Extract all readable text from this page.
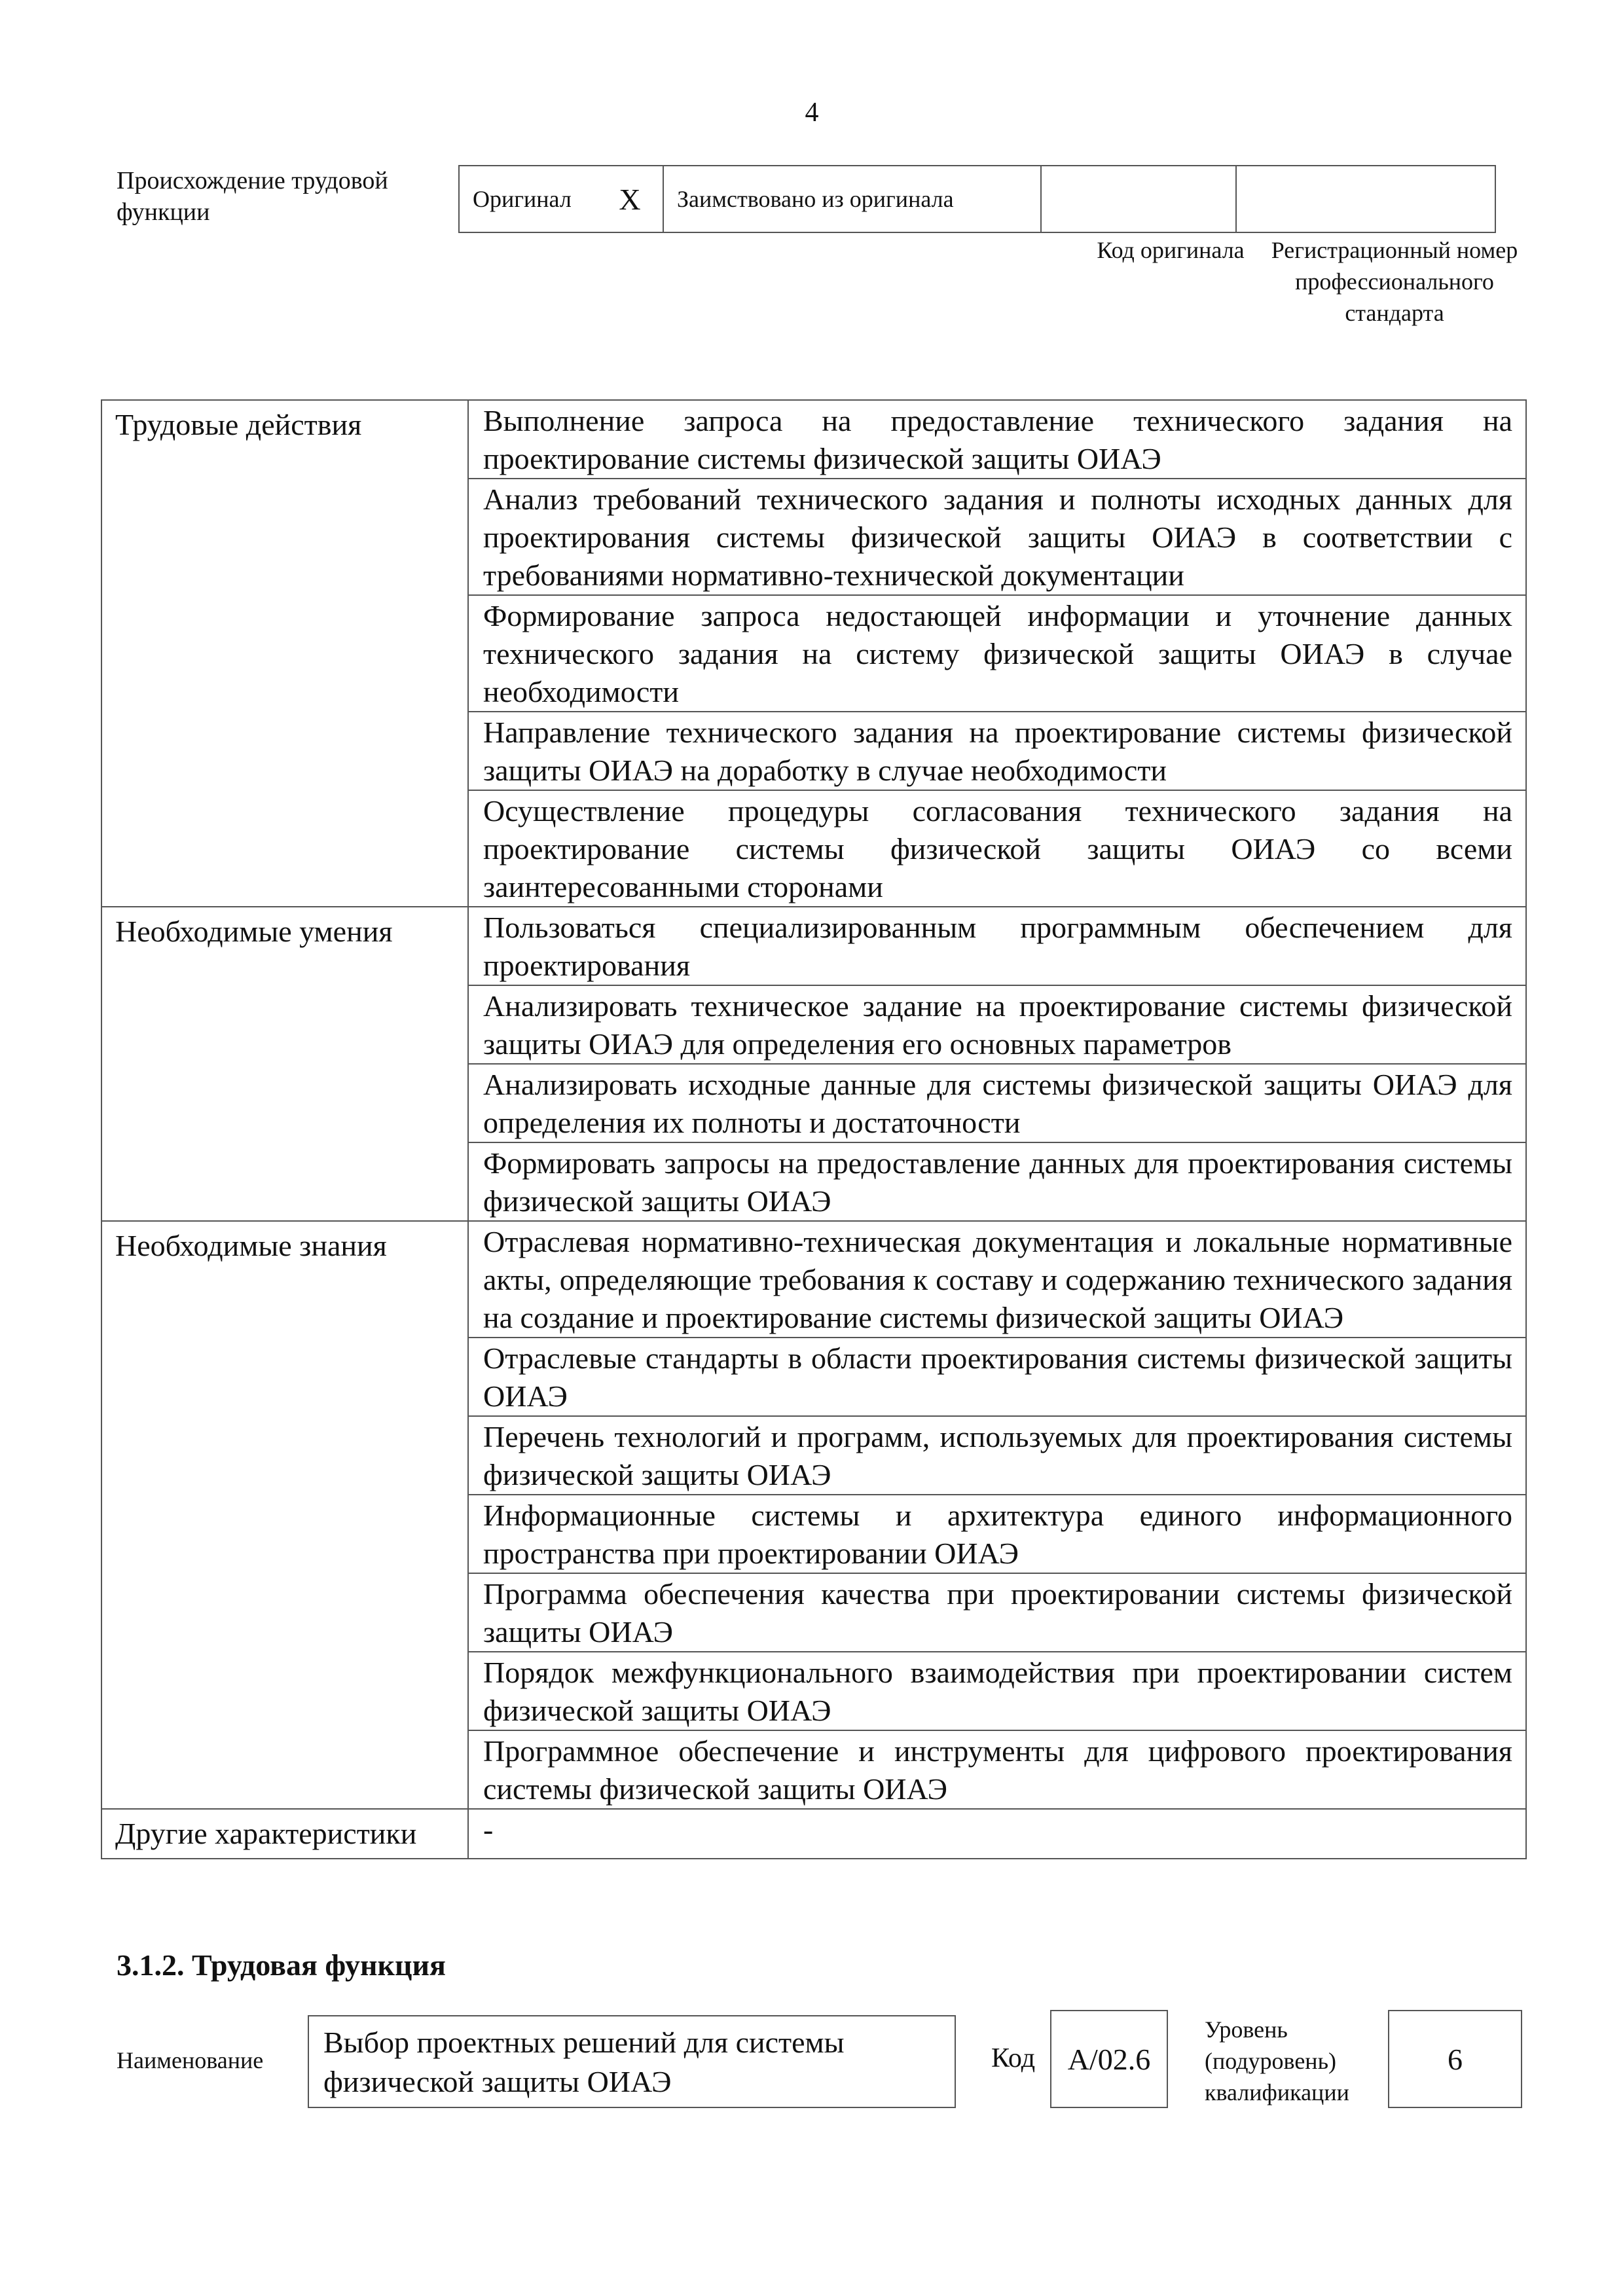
4
Происхождение трудовой функции	Оригинал	X	Заимствовано из оригинала		
Код оригинала	Регистрационный номер профессионального стандарта
Трудовые действия	Выполнение запроса на предоставление технического задания на проектирование системы физической защиты ОИАЭ
	Анализ требований технического задания и полноты исходных данных для проектирования системы физической защиты ОИАЭ в соответствии с требованиями нормативно-технической документации
	Формирование запроса недостающей информации и уточнение данных технического задания на систему физической защиты ОИАЭ в случае необходимости
	Направление технического задания на проектирование системы физической защиты ОИАЭ на доработку в случае необходимости
	Осуществление процедуры согласования технического задания на проектирование системы физической защиты ОИАЭ со всеми заинтересованными сторонами
Необходимые умения	Пользоваться специализированным программным обеспечением для проектирования
	Анализировать техническое задание на проектирование системы физической защиты ОИАЭ для определения его основных параметров
	Анализировать исходные данные для системы физической защиты ОИАЭ для определения их полноты и достаточности
	Формировать запросы на предоставление данных для проектирования системы физической защиты ОИАЭ
Необходимые знания	Отраслевая нормативно-техническая документация и локальные нормативные акты, определяющие требования к составу и содержанию технического задания на создание и проектирование системы физической защиты ОИАЭ
	Отраслевые стандарты в области проектирования системы физической защиты ОИАЭ
	Перечень технологий и программ, используемых для проектирования системы физической защиты ОИАЭ
	Информационные системы и архитектура единого информационного пространства при проектировании ОИАЭ
	Программа обеспечения качества при проектировании системы физической защиты ОИАЭ
	Порядок межфункционального взаимодействия при проектировании систем физической защиты ОИАЭ
	Программное обеспечение и инструменты для цифрового проектирования системы физической защиты ОИАЭ
Другие характеристики	-
3.1.2. Трудовая функция
Наименование
Выбор проектных решений для системы физической защиты ОИАЭ
Код	А/02.6
Уровень (подуровень) квалификации
6
